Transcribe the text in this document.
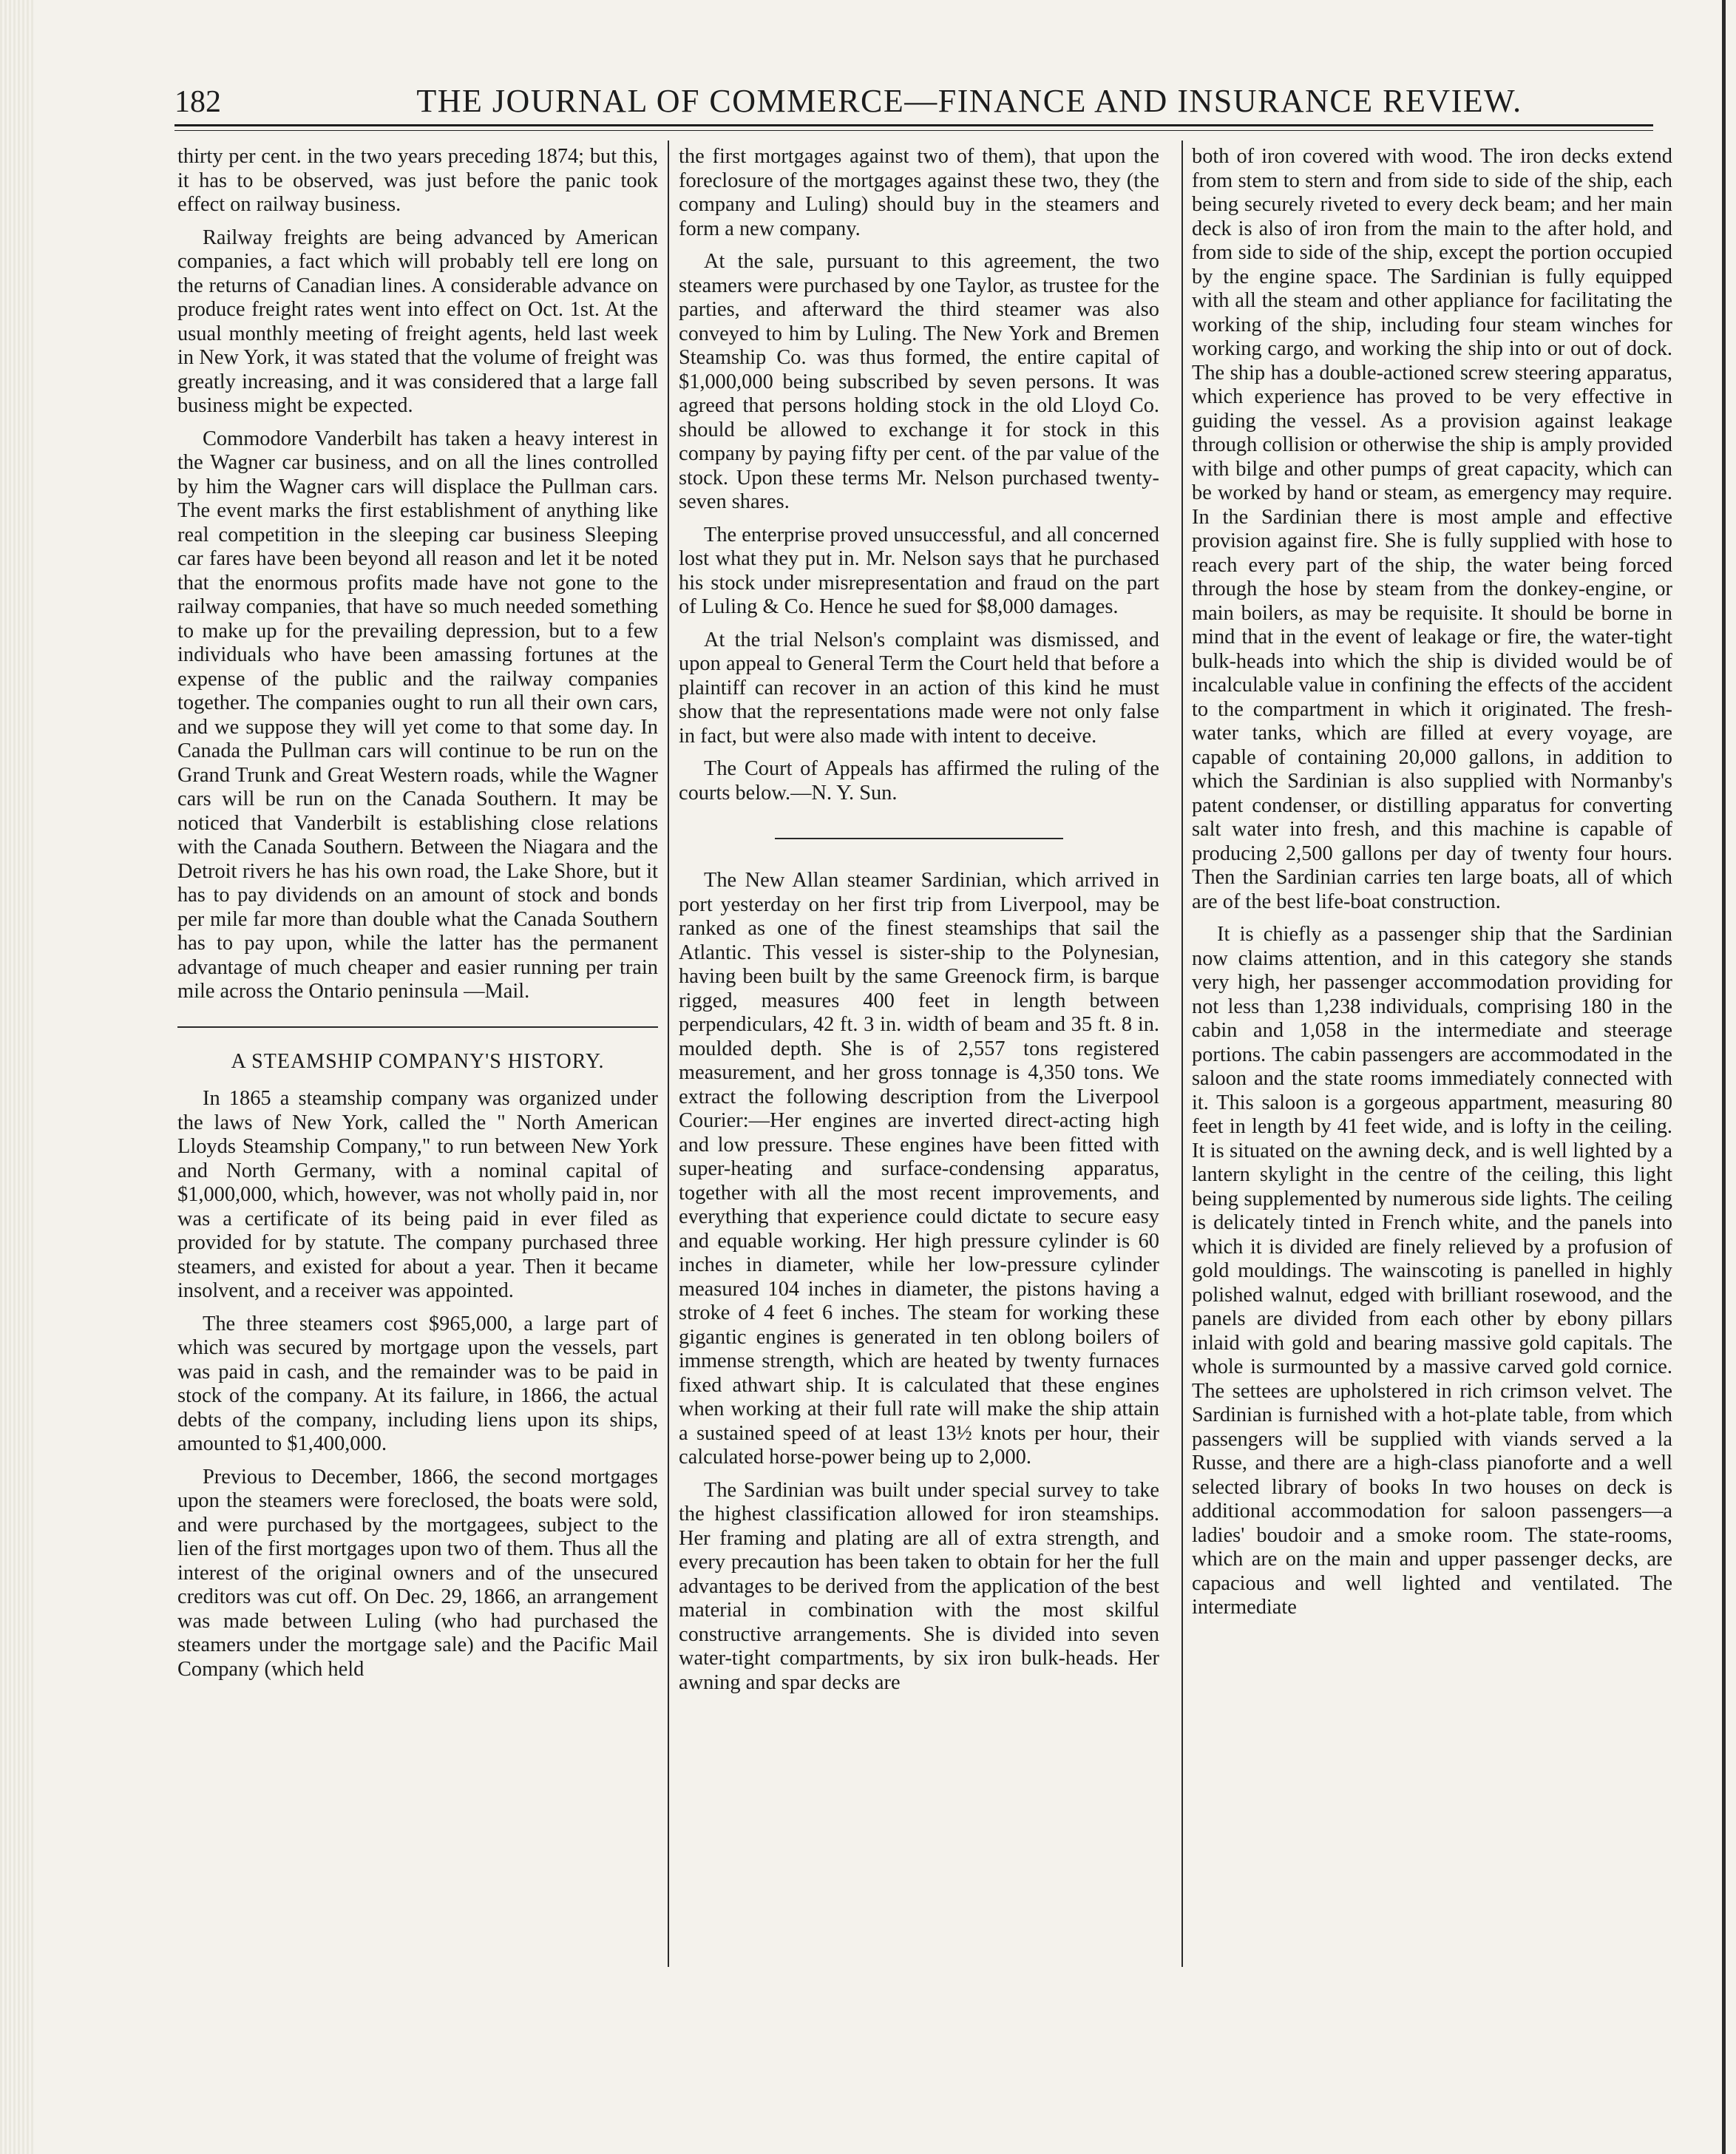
182	THE JOURNAL OF COMMERCE—FINANCE AND INSURANCE REVIEW.

thirty per cent. in the two years preceding 1874; but this, it has to be observed, was just before the panic took effect on railway business.

Railway freights are being advanced by American companies, a fact which will probably tell ere long on the returns of Canadian lines. A considerable advance on produce freight rates went into effect on Oct. 1st. At the usual monthly meeting of freight agents, held last week in New York, it was stated that the volume of freight was greatly increasing, and it was considered that a large fall business might be expected.

Commodore Vanderbilt has taken a heavy interest in the Wagner car business, and on all the lines controlled by him the Wagner cars will displace the Pullman cars. The event marks the first establishment of anything like real competition in the sleeping car business Sleeping car fares have been beyond all reason and let it be noted that the enormous profits made have not gone to the railway companies, that have so much needed something to make up for the prevailing depression, but to a few individuals who have been amassing fortunes at the expense of the public and the railway companies together. The companies ought to run all their own cars, and we suppose they will yet come to that some day. In Canada the Pullman cars will continue to be run on the Grand Trunk and Great Western roads, while the Wagner cars will be run on the Canada Southern. It may be noticed that Vanderbilt is establishing close relations with the Canada Southern. Between the Niagara and the Detroit rivers he has his own road, the Lake Shore, but it has to pay dividends on an amount of stock and bonds per mile far more than double what the Canada Southern has to pay upon, while the latter has the permanent advantage of much cheaper and easier running per train mile across the Ontario peninsula —Mail.

A STEAMSHIP COMPANY'S HISTORY.

In 1865 a steamship company was organized under the laws of New York, called the " North American Lloyds Steamship Company," to run between New York and North Germany, with a nominal capital of $1,000,000, which, however, was not wholly paid in, nor was a certificate of its being paid in ever filed as provided for by statute. The company purchased three steamers, and existed for about a year. Then it became insolvent, and a receiver was appointed.

The three steamers cost $965,000, a large part of which was secured by mortgage upon the vessels, part was paid in cash, and the remainder was to be paid in stock of the company. At its failure, in 1866, the actual debts of the company, including liens upon its ships, amounted to $1,400,000.

Previous to December, 1866, the second mortgages upon the steamers were foreclosed, the boats were sold, and were purchased by the mortgagees, subject to the lien of the first mortgages upon two of them. Thus all the interest of the original owners and of the unsecured creditors was cut off. On Dec. 29, 1866, an arrangement was made between Luling (who had purchased the steamers under the mortgage sale) and the Pacific Mail Company (which held

the first mortgages against two of them), that upon the foreclosure of the mortgages against these two, they (the company and Luling) should buy in the steamers and form a new company.

At the sale, pursuant to this agreement, the two steamers were purchased by one Taylor, as trustee for the parties, and afterward the third steamer was also conveyed to him by Luling. The New York and Bremen Steamship Co. was thus formed, the entire capital of $1,000,000 being subscribed by seven persons. It was agreed that persons holding stock in the old Lloyd Co. should be allowed to exchange it for stock in this company by paying fifty per cent. of the par value of the stock. Upon these terms Mr. Nelson purchased twenty-seven shares.

The enterprise proved unsuccessful, and all concerned lost what they put in. Mr. Nelson says that he purchased his stock under misrepresentation and fraud on the part of Luling & Co. Hence he sued for $8,000 damages.

At the trial Nelson's complaint was dismissed, and upon appeal to General Term the Court held that before a plaintiff can recover in an action of this kind he must show that the representations made were not only false in fact, but were also made with intent to deceive.

The Court of Appeals has affirmed the ruling of the courts below.—N. Y. Sun.

The New Allan steamer Sardinian, which arrived in port yesterday on her first trip from Liverpool, may be ranked as one of the finest steamships that sail the Atlantic. This vessel is sister-ship to the Polynesian, having been built by the same Greenock firm, is barque rigged, measures 400 feet in length between perpendiculars, 42 ft. 3 in. width of beam and 35 ft. 8 in. moulded depth. She is of 2,557 tons registered measurement, and her gross tonnage is 4,350 tons. We extract the following description from the Liverpool Courier:—Her engines are inverted direct-acting high and low pressure. These engines have been fitted with super-heating and surface-condensing apparatus, together with all the most recent improvements, and everything that experience could dictate to secure easy and equable working. Her high pressure cylinder is 60 inches in diameter, while her low-pressure cylinder measured 104 inches in diameter, the pistons having a stroke of 4 feet 6 inches. The steam for working these gigantic engines is generated in ten oblong boilers of immense strength, which are heated by twenty furnaces fixed athwart ship. It is calculated that these engines when working at their full rate will make the ship attain a sustained speed of at least 13½ knots per hour, their calculated horse-power being up to 2,000.

The Sardinian was built under special survey to take the highest classification allowed for iron steamships. Her framing and plating are all of extra strength, and every precaution has been taken to obtain for her the full advantages to be derived from the application of the best material in combination with the most skilful constructive arrangements. She is divided into seven water-tight compartments, by six iron bulk-heads. Her awning and spar decks are

both of iron covered with wood. The iron decks extend from stem to stern and from side to side of the ship, each being securely riveted to every deck beam; and her main deck is also of iron from the main to the after hold, and from side to side of the ship, except the portion occupied by the engine space. The Sardinian is fully equipped with all the steam and other appliance for facilitating the working of the ship, including four steam winches for working cargo, and working the ship into or out of dock. The ship has a double-actioned screw steering apparatus, which experience has proved to be very effective in guiding the vessel. As a provision against leakage through collision or otherwise the ship is amply provided with bilge and other pumps of great capacity, which can be worked by hand or steam, as emergency may require. In the Sardinian there is most ample and effective provision against fire. She is fully supplied with hose to reach every part of the ship, the water being forced through the hose by steam from the donkey-engine, or main boilers, as may be requisite. It should be borne in mind that in the event of leakage or fire, the water-tight bulk-heads into which the ship is divided would be of incalculable value in confining the effects of the accident to the compartment in which it originated. The fresh-water tanks, which are filled at every voyage, are capable of containing 20,000 gallons, in addition to which the Sardinian is also supplied with Normanby's patent condenser, or distilling apparatus for converting salt water into fresh, and this machine is capable of producing 2,500 gallons per day of twenty four hours. Then the Sardinian carries ten large boats, all of which are of the best life-boat construction.

It is chiefly as a passenger ship that the Sardinian now claims attention, and in this category she stands very high, her passenger accommodation providing for not less than 1,238 individuals, comprising 180 in the cabin and 1,058 in the intermediate and steerage portions. The cabin passengers are accommodated in the saloon and the state rooms immediately connected with it. This saloon is a gorgeous appartment, measuring 80 feet in length by 41 feet wide, and is lofty in the ceiling. It is situated on the awning deck, and is well lighted by a lantern skylight in the centre of the ceiling, this light being supplemented by numerous side lights. The ceiling is delicately tinted in French white, and the panels into which it is divided are finely relieved by a profusion of gold mouldings. The wainscoting is panelled in highly polished walnut, edged with brilliant rosewood, and the panels are divided from each other by ebony pillars inlaid with gold and bearing massive gold capitals. The whole is surmounted by a massive carved gold cornice. The settees are upholstered in rich crimson velvet. The Sardinian is furnished with a hot-plate table, from which passengers will be supplied with viands served a la Russe, and there are a high-class pianoforte and a well selected library of books In two houses on deck is additional accommodation for saloon passengers—a ladies' boudoir and a smoke room. The state-rooms, which are on the main and upper passenger decks, are capacious and well lighted and ventilated. The intermediate
